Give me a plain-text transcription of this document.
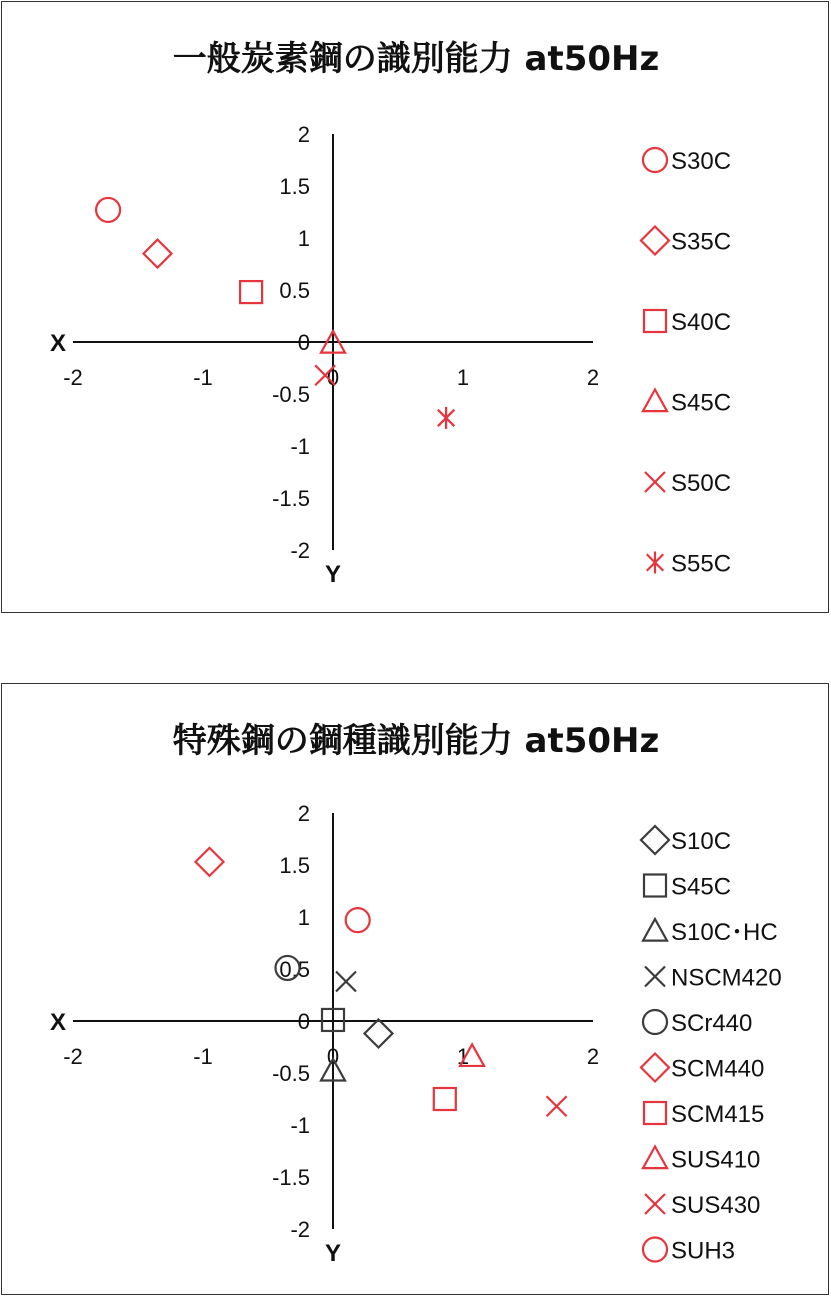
一般炭素鋼の識別能力 at50Hz
-2	-1	0	1	2
2
1.5
1
0.5
0
-0.5
-1
-1.5
-2
X
Y
S30C
S35C
S40C
S45C
S50C
S55C
特殊鋼の鋼種識別能力 at50Hz
-2	-1	0	1	2
2
1.5
1
0.5
0
-0.5
-1
-1.5
-2
X
Y
S10C
S45C
S10C･HC
NSCM420
SCr440
SCM440
SCM415
SUS410
SUS430
SUH3
